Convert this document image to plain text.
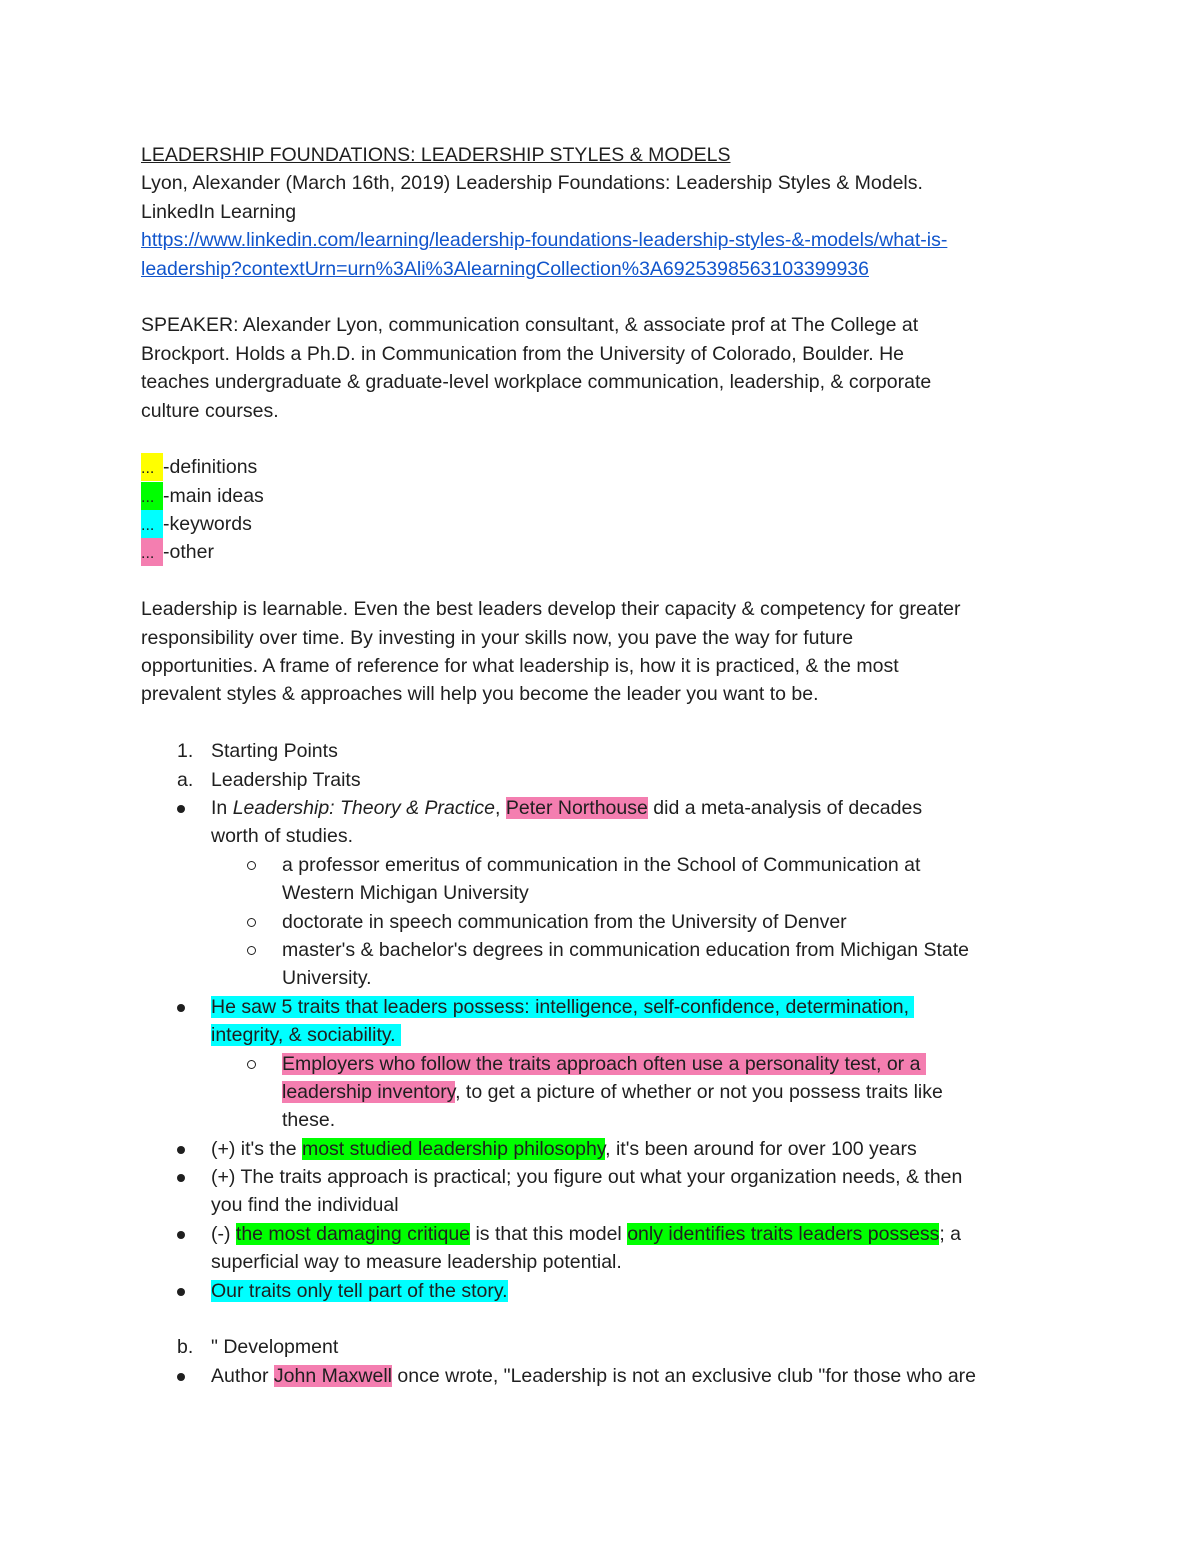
LEADERSHIP FOUNDATIONS: LEADERSHIP STYLES & MODELS
Lyon, Alexander (March 16th, 2019) Leadership Foundations: Leadership Styles & Models.
LinkedIn Learning
https://www.linkedin.com/learning/leadership-foundations-leadership-styles-&-models/what-is-
leadership?contextUrn=urn%3Ali%3AlearningCollection%3A6925398563103399936
SPEAKER: Alexander Lyon, communication consultant, & associate prof at The College at
Brockport. Holds a Ph.D. in Communication from the University of Colorado, Boulder. He
teaches undergraduate & graduate-level workplace communication, leadership, & corporate
culture courses.
... -definitions
... -main ideas
... -keywords
... -other
Leadership is learnable. Even the best leaders develop their capacity & competency for greater
responsibility over time. By investing in your skills now, you pave the way for future
opportunities. A frame of reference for what leadership is, how it is practiced, & the most
prevalent styles & approaches will help you become the leader you want to be.
1. Starting Points
a. Leadership Traits
In Leadership: Theory & Practice, Peter Northouse did a meta-analysis of decades
worth of studies.
a professor emeritus of communication in the School of Communication at
Western Michigan University
doctorate in speech communication from the University of Denver
master's & bachelor's degrees in communication education from Michigan State
University.
He saw 5 traits that leaders possess: intelligence, self-confidence, determination,
integrity, & sociability.
Employers who follow the traits approach often use a personality test, or a
leadership inventory, to get a picture of whether or not you possess traits like
these.
(+) it's the most studied leadership philosophy, it's been around for over 100 years
(+) The traits approach is practical; you figure out what your organization needs, & then
you find the individual
(-) the most damaging critique is that this model only identifies traits leaders possess; a
superficial way to measure leadership potential.
Our traits only tell part of the story.
b. " Development
Author John Maxwell once wrote, "Leadership is not an exclusive club "for those who are
